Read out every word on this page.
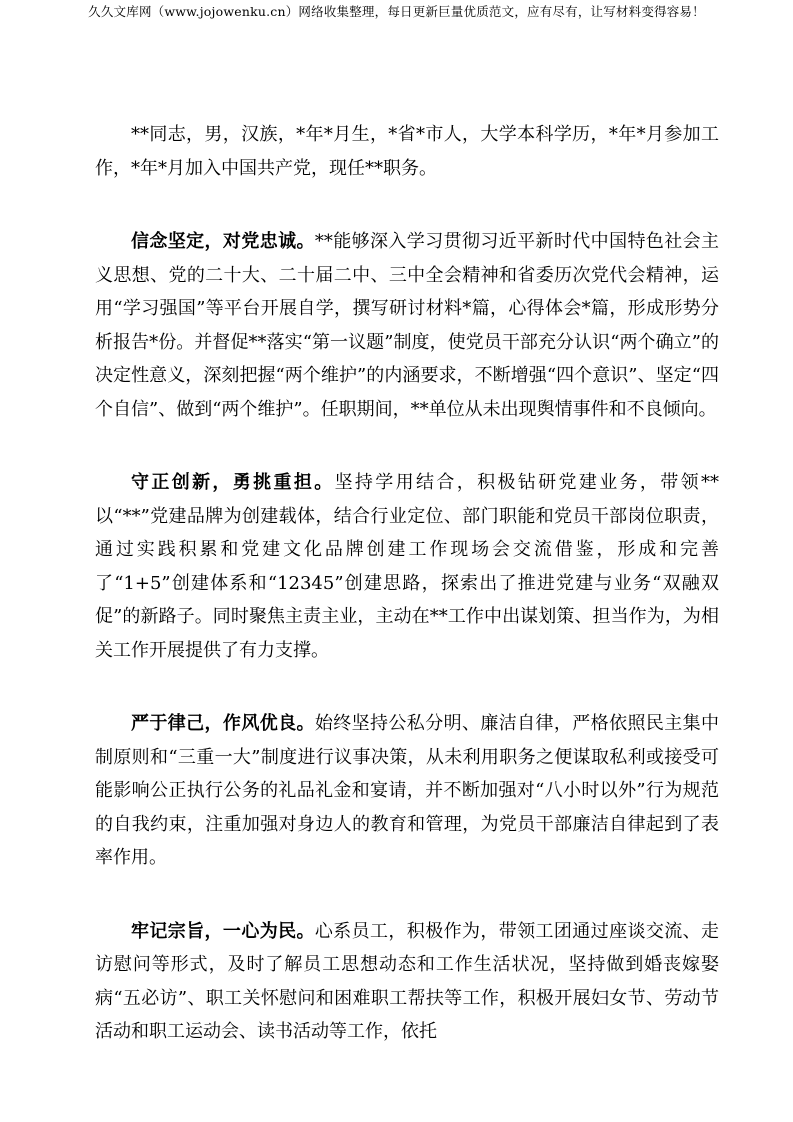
久久文库网（www.jojowenku.cn）网络收集整理，每日更新巨量优质范文，应有尽有，让写材料变得容易！

**同志，男，汉族，*年*月生，*省*市人，大学本科学历，*年*月参加工作，*年*月加入中国共产党，现任**职务。

信念坚定，对党忠诚。**能够深入学习贯彻习近平新时代中国特色社会主义思想、党的二十大、二十届二中、三中全会精神和省委历次党代会精神，运用“学习强国”等平台开展自学，撰写研讨材料*篇，心得体会*篇，形成形势分析报告*份。并督促**落实“第一议题”制度，使党员干部充分认识“两个确立”的决定性意义，深刻把握“两个维护”的内涵要求，不断增强“四个意识”、坚定“四个自信”、做到“两个维护”。任职期间，**单位从未出现舆情事件和不良倾向。

守正创新，勇挑重担。坚持学用结合，积极钻研党建业务，带领**以“**”党建品牌为创建载体，结合行业定位、部门职能和党员干部岗位职责，通过实践积累和党建文化品牌创建工作现场会交流借鉴，形成和完善了“1+5”创建体系和“12345”创建思路，探索出了推进党建与业务“双融双促”的新路子。同时聚焦主责主业，主动在**工作中出谋划策、担当作为，为相关工作开展提供了有力支撑。

严于律己，作风优良。始终坚持公私分明、廉洁自律，严格依照民主集中制原则和“三重一大”制度进行议事决策，从未利用职务之便谋取私利或接受可能影响公正执行公务的礼品礼金和宴请，并不断加强对“八小时以外”行为规范的自我约束，注重加强对身边人的教育和管理，为党员干部廉洁自律起到了表率作用。

牢记宗旨，一心为民。心系员工，积极作为，带领工团通过座谈交流、走访慰问等形式，及时了解员工思想动态和工作生活状况，坚持做到婚丧嫁娶病“五必访”、职工关怀慰问和困难职工帮扶等工作，积极开展妇女节、劳动节活动和职工运动会、读书活动等工作，依托
